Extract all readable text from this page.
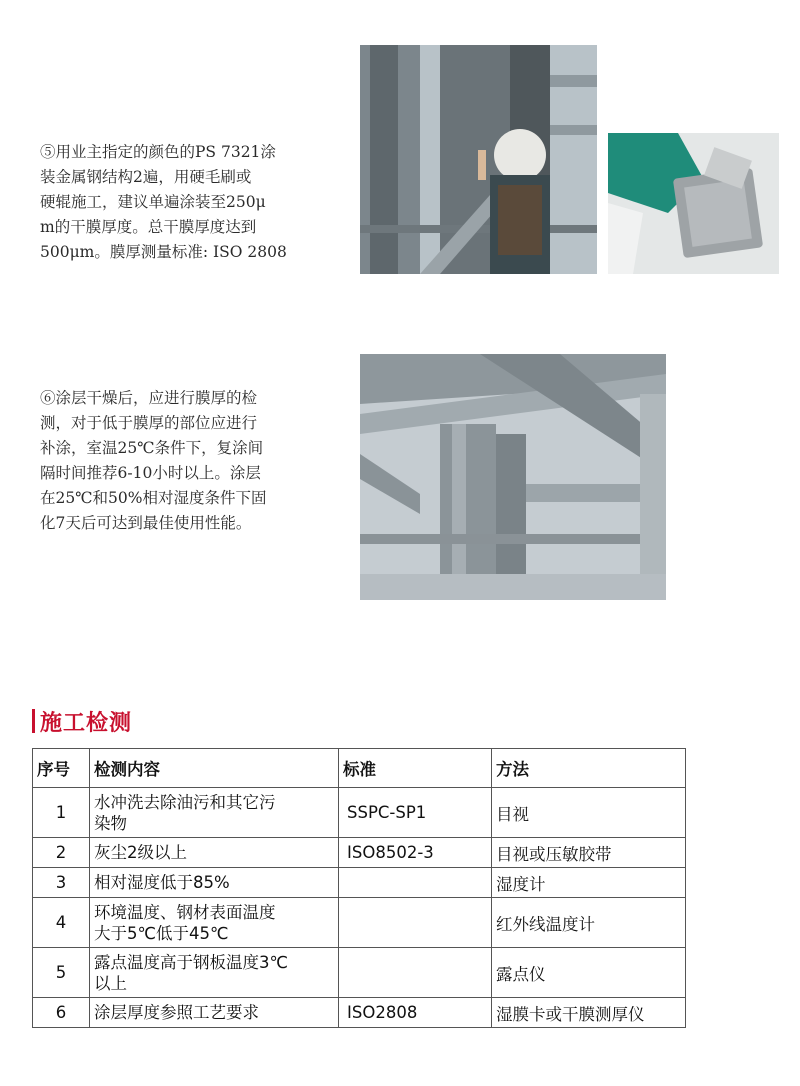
⑤用业主指定的颜色的PS 7321涂
装金属钢结构2遍，用硬毛刷或
硬辊施工，建议单遍涂装至250μ
m的干膜厚度。总干膜厚度达到
500μm。膜厚测量标准: ISO 2808
⑥涂层干燥后，应进行膜厚的检
测，对于低于膜厚的部位应进行
补涂，室温25℃条件下，复涂间
隔时间推荐6-10小时以上。涂层
在25℃和50%相对湿度条件下固
化7天后可达到最佳使用性能。
施工检测
序号	检测内容	标准	方法
1	水冲洗去除油污和其它污
染物	SSPC-SP1	目视
2	灰尘2级以上	ISO8502-3	目视或压敏胶带
3	相对湿度低于85%		湿度计
4	环境温度、钢材表面温度
大于5℃低于45℃		红外线温度计
5	露点温度高于钢板温度3℃
以上		露点仪
6	涂层厚度参照工艺要求	ISO2808	湿膜卡或干膜测厚仪
